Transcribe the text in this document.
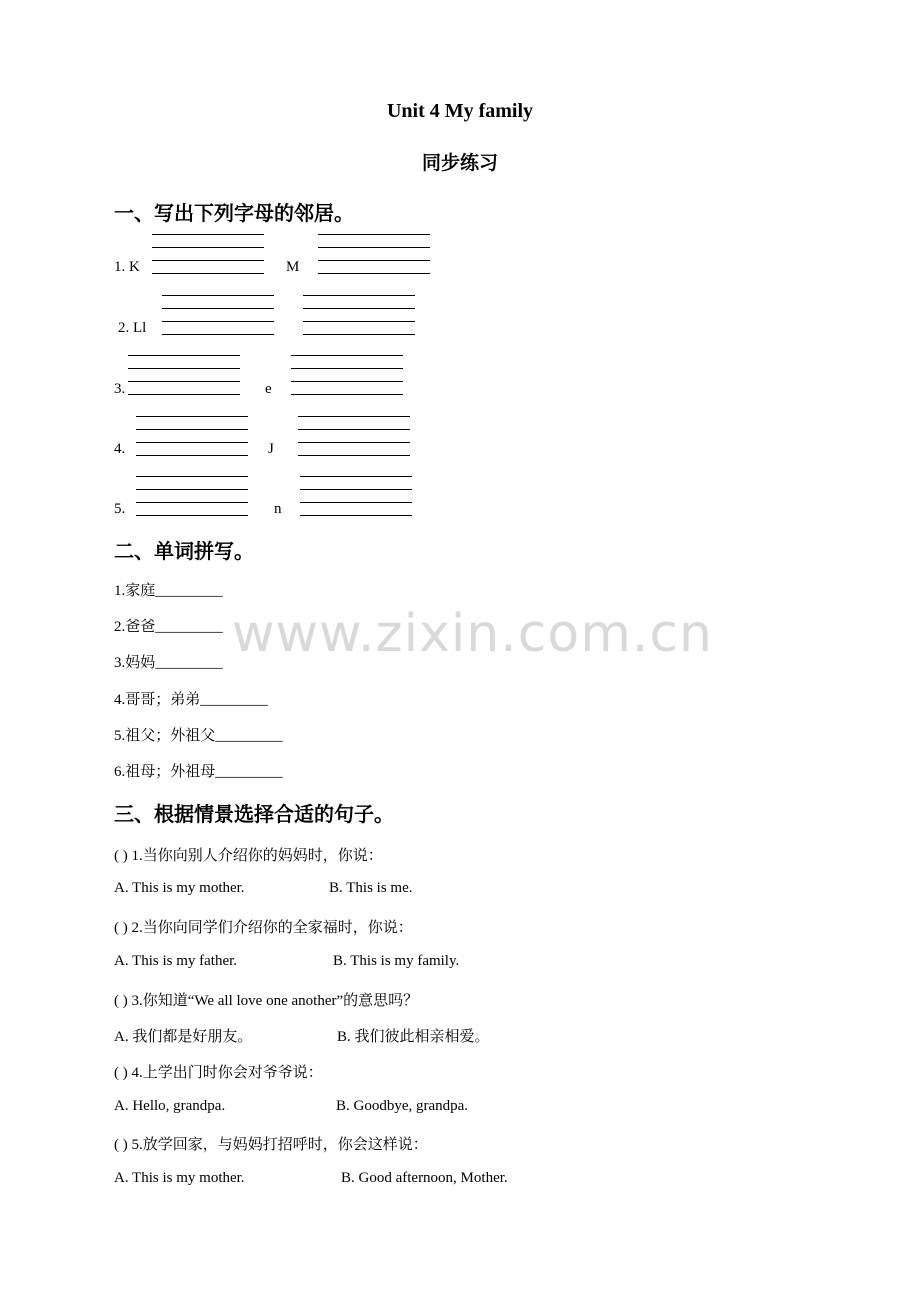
www.zixin.com.cn
Unit 4 My family
同步练习
一、写出下列字母的邻居。
1. K	M
2. Ll
3.	e
4.	J
5.	n
二、单词拼写。
1.家庭_________
2.爸爸_________
3.妈妈_________
4.哥哥；弟弟_________
5.祖父；外祖父_________
6.祖母；外祖母_________
三、根据情景选择合适的句子。
( ) 1.当你向别人介绍你的妈妈时，你说：
A. This is my mother.	B. This is me.
( ) 2.当你向同学们介绍你的全家福时，你说：
A. This is my father.	B. This is my family.
( ) 3.你知道“We all love one another”的意思吗？
A. 我们都是好朋友。	B. 我们彼此相亲相爱。
( ) 4.上学出门时你会对爷爷说：
A. Hello, grandpa.	B. Goodbye, grandpa.
( ) 5.放学回家，与妈妈打招呼时，你会这样说：
A. This is my mother.	B. Good afternoon, Mother.
